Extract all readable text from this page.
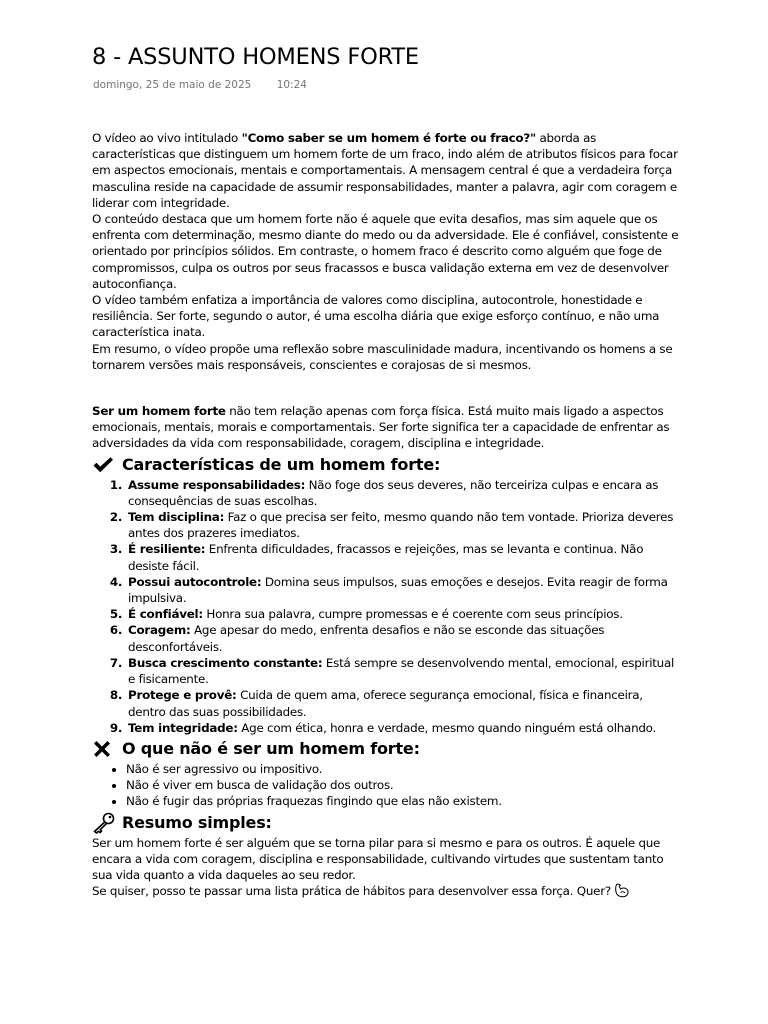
8 - ASSUNTO HOMENS FORTE
domingo, 25 de maio de 2025 10:24

O vídeo ao vivo intitulado "Como saber se um homem é forte ou fraco?" aborda as características que distinguem um homem forte de um fraco, indo além de atributos físicos para focar em aspectos emocionais, mentais e comportamentais. A mensagem central é que a verdadeira força masculina reside na capacidade de assumir responsabilidades, manter a palavra, agir com coragem e liderar com integridade.

O conteúdo destaca que um homem forte não é aquele que evita desafios, mas sim aquele que os enfrenta com determinação, mesmo diante do medo ou da adversidade. Ele é confiável, consistente e orientado por princípios sólidos. Em contraste, o homem fraco é descrito como alguém que foge de compromissos, culpa os outros por seus fracassos e busca validação externa em vez de desenvolver autoconfiança.

O vídeo também enfatiza a importância de valores como disciplina, autocontrole, honestidade e resiliência. Ser forte, segundo o autor, é uma escolha diária que exige esforço contínuo, e não uma característica inata.

Em resumo, o vídeo propõe uma reflexão sobre masculinidade madura, incentivando os homens a se tornarem versões mais responsáveis, conscientes e corajosas de si mesmos.

Ser um homem forte não tem relação apenas com força física. Está muito mais ligado a aspectos emocionais, mentais, morais e comportamentais. Ser forte significa ter a capacidade de enfrentar as adversidades da vida com responsabilidade, coragem, disciplina e integridade.

Características de um homem forte:
1. Assume responsabilidades: Não foge dos seus deveres, não terceiriza culpas e encara as consequências de suas escolhas.
2. Tem disciplina: Faz o que precisa ser feito, mesmo quando não tem vontade. Prioriza deveres antes dos prazeres imediatos.
3. É resiliente: Enfrenta dificuldades, fracassos e rejeições, mas se levanta e continua. Não desiste fácil.
4. Possui autocontrole: Domina seus impulsos, suas emoções e desejos. Evita reagir de forma impulsiva.
5. É confiável: Honra sua palavra, cumpre promessas e é coerente com seus princípios.
6. Coragem: Age apesar do medo, enfrenta desafios e não se esconde das situações desconfortáveis.
7. Busca crescimento constante: Está sempre se desenvolvendo mental, emocional, espiritual e fisicamente.
8. Protege e provê: Cuida de quem ama, oferece segurança emocional, física e financeira, dentro das suas possibilidades.
9. Tem integridade: Age com ética, honra e verdade, mesmo quando ninguém está olhando.
O que não é ser um homem forte:
• Não é ser agressivo ou impositivo.
• Não é viver em busca de validação dos outros.
• Não é fugir das próprias fraquezas fingindo que elas não existem.
Resumo simples:

Ser um homem forte é ser alguém que se torna pilar para si mesmo e para os outros. É aquele que encara a vida com coragem, disciplina e responsabilidade, cultivando virtudes que sustentam tanto sua vida quanto a vida daqueles ao seu redor.

Se quiser, posso te passar uma lista prática de hábitos para desenvolver essa força. Quer?
